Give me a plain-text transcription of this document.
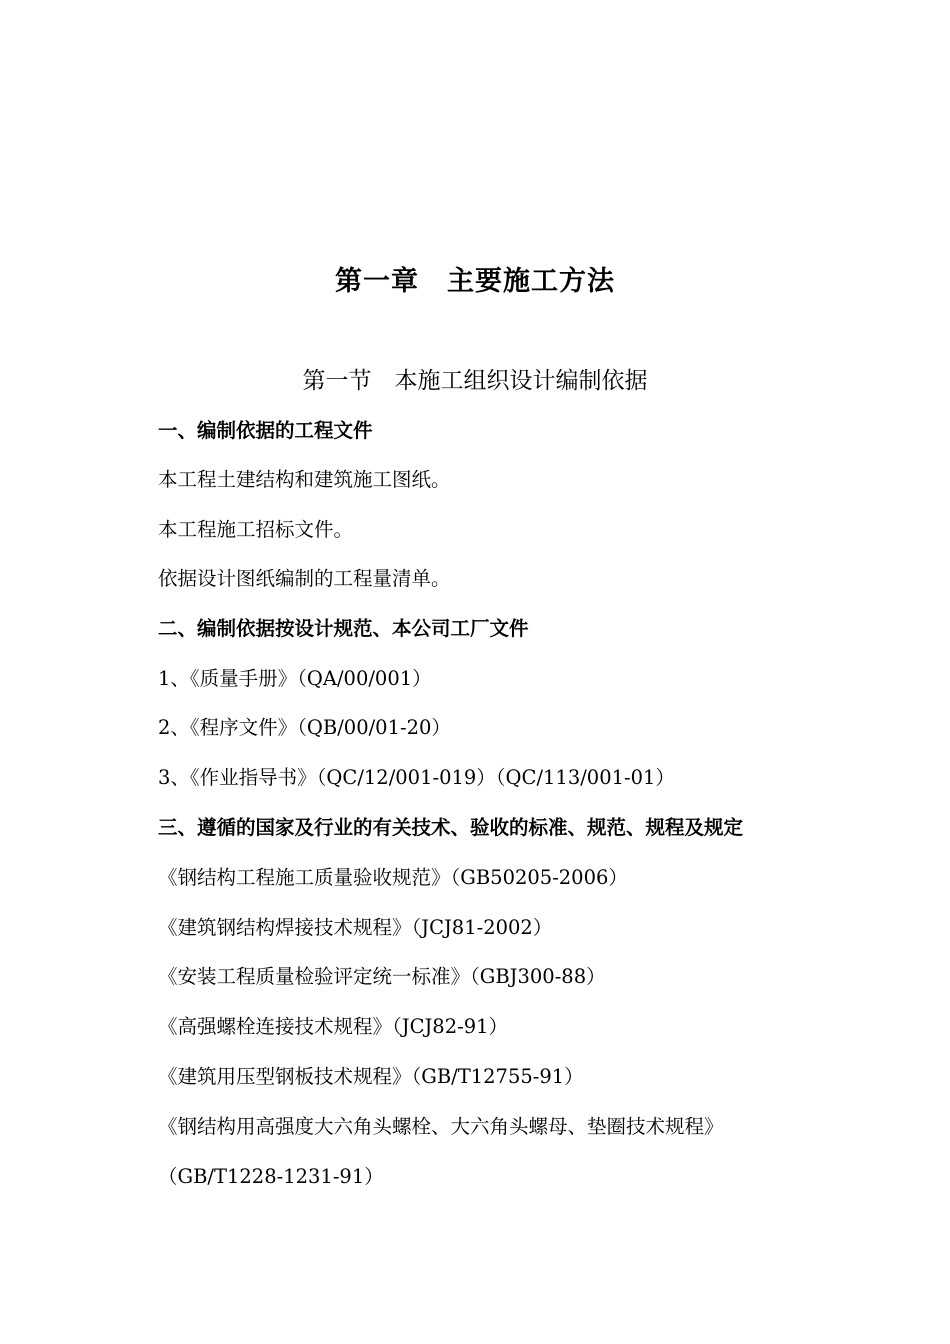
第一章　主要施工方法
第一节　本施工组织设计编制依据
一、编制依据的工程文件
本工程土建结构和建筑施工图纸。
本工程施工招标文件。
依据设计图纸编制的工程量清单。
二、编制依据按设计规范、本公司工厂文件
1、《质量手册》（QA/00/001）
2、《程序文件》（QB/00/01-20）
3、《作业指导书》（QC/12/001-019）（QC/113/001-01）
三、遵循的国家及行业的有关技术、验收的标准、规范、规程及规定
《钢结构工程施工质量验收规范》（GB50205-2006）
《建筑钢结构焊接技术规程》（JCJ81-2002）
《安装工程质量检验评定统一标准》（GBJ300-88）
《高强螺栓连接技术规程》（JCJ82-91）
《建筑用压型钢板技术规程》（GB/T12755-91）
《钢结构用高强度大六角头螺栓、大六角头螺母、垫圈技术规程》
（GB/T1228-1231-91）
